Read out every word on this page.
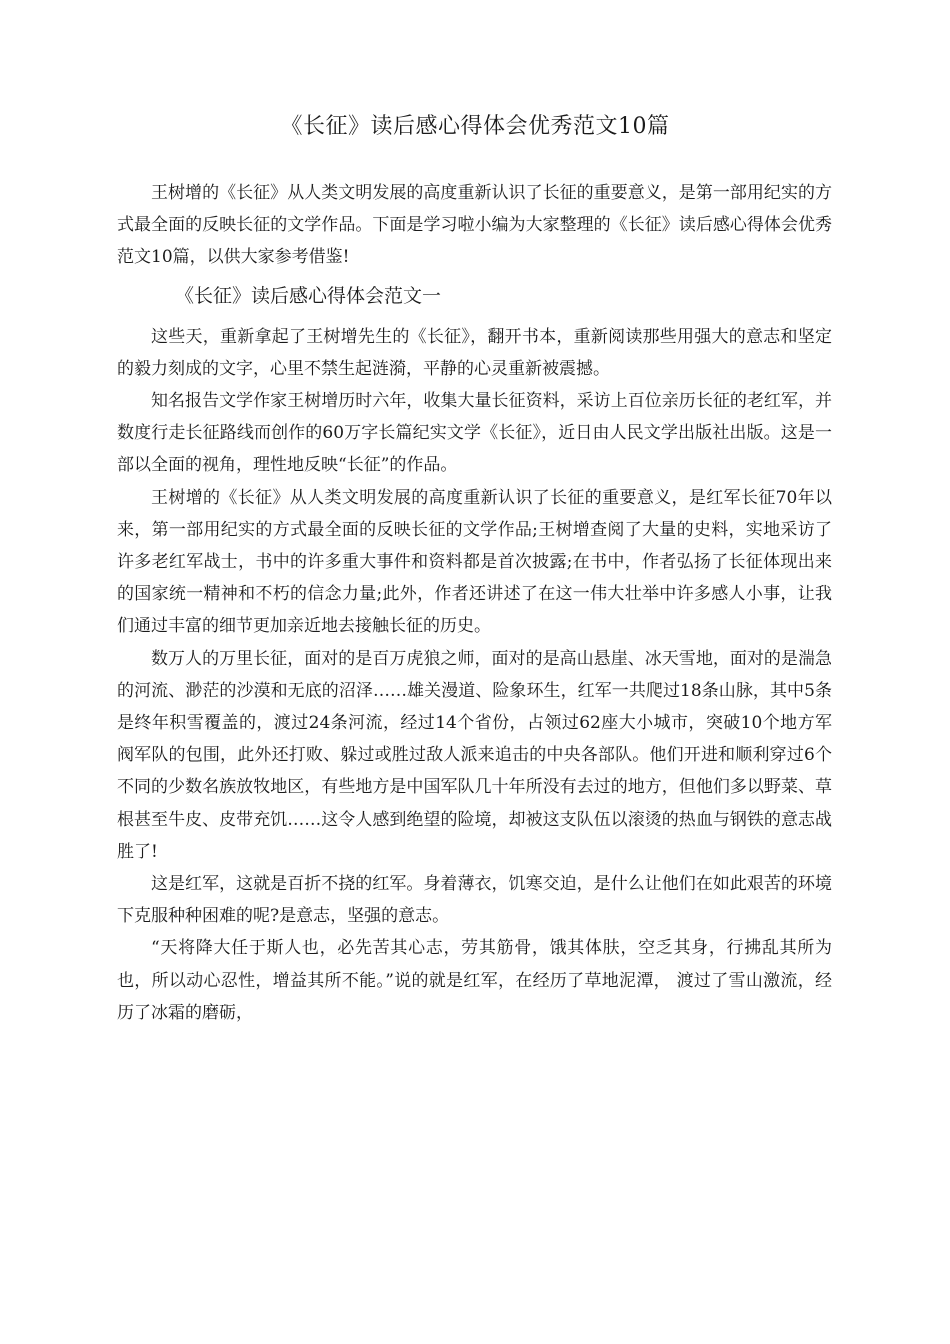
《长征》读后感心得体会优秀范文10篇

王树增的《长征》从人类文明发展的高度重新认识了长征的重要意义，是第一部用纪实的方式最全面的反映长征的文学作品。下面是学习啦小编为大家整理的《长征》读后感心得体会优秀范文10篇，以供大家参考借鉴!

《长征》读后感心得体会范文一

这些天，重新拿起了王树增先生的《长征》，翻开书本，重新阅读那些用强大的意志和坚定的毅力刻成的文字，心里不禁生起涟漪，平静的心灵重新被震撼。

知名报告文学作家王树增历时六年，收集大量长征资料，采访上百位亲历长征的老红军，并数度行走长征路线而创作的60万字长篇纪实文学《长征》，近日由人民文学出版社出版。这是一部以全面的视角，理性地反映“长征”的作品。

王树增的《长征》从人类文明发展的高度重新认识了长征的重要意义，是红军长征70年以来，第一部用纪实的方式最全面的反映长征的文学作品;王树增查阅了大量的史料，实地采访了许多老红军战士，书中的许多重大事件和资料都是首次披露;在书中，作者弘扬了长征体现出来的国家统一精神和不朽的信念力量;此外，作者还讲述了在这一伟大壮举中许多感人小事，让我们通过丰富的细节更加亲近地去接触长征的历史。

数万人的万里长征，面对的是百万虎狼之师，面对的是高山悬崖、冰天雪地，面对的是湍急的河流、渺茫的沙漠和无底的沼泽……雄关漫道、险象环生，红军一共爬过18条山脉，其中5条是终年积雪覆盖的，渡过24条河流，经过14个省份，占领过62座大小城市，突破10个地方军阀军队的包围，此外还打败、躲过或胜过敌人派来追击的中央各部队。他们开进和顺利穿过6个不同的少数名族放牧地区，有些地方是中国军队几十年所没有去过的地方，但他们多以野菜、草根甚至牛皮、皮带充饥……这令人感到绝望的险境，却被这支队伍以滚烫的热血与钢铁的意志战胜了!

这是红军，这就是百折不挠的红军。身着薄衣，饥寒交迫，是什么让他们在如此艰苦的环境下克服种种困难的呢?是意志，坚强的意志。

“天将降大任于斯人也，必先苦其心志，劳其筋骨，饿其体肤，空乏其身，行拂乱其所为也，所以动心忍性，增益其所不能。”说的就是红军，在经历了草地泥潭， 渡过了雪山激流，经历了冰霜的磨砺，
